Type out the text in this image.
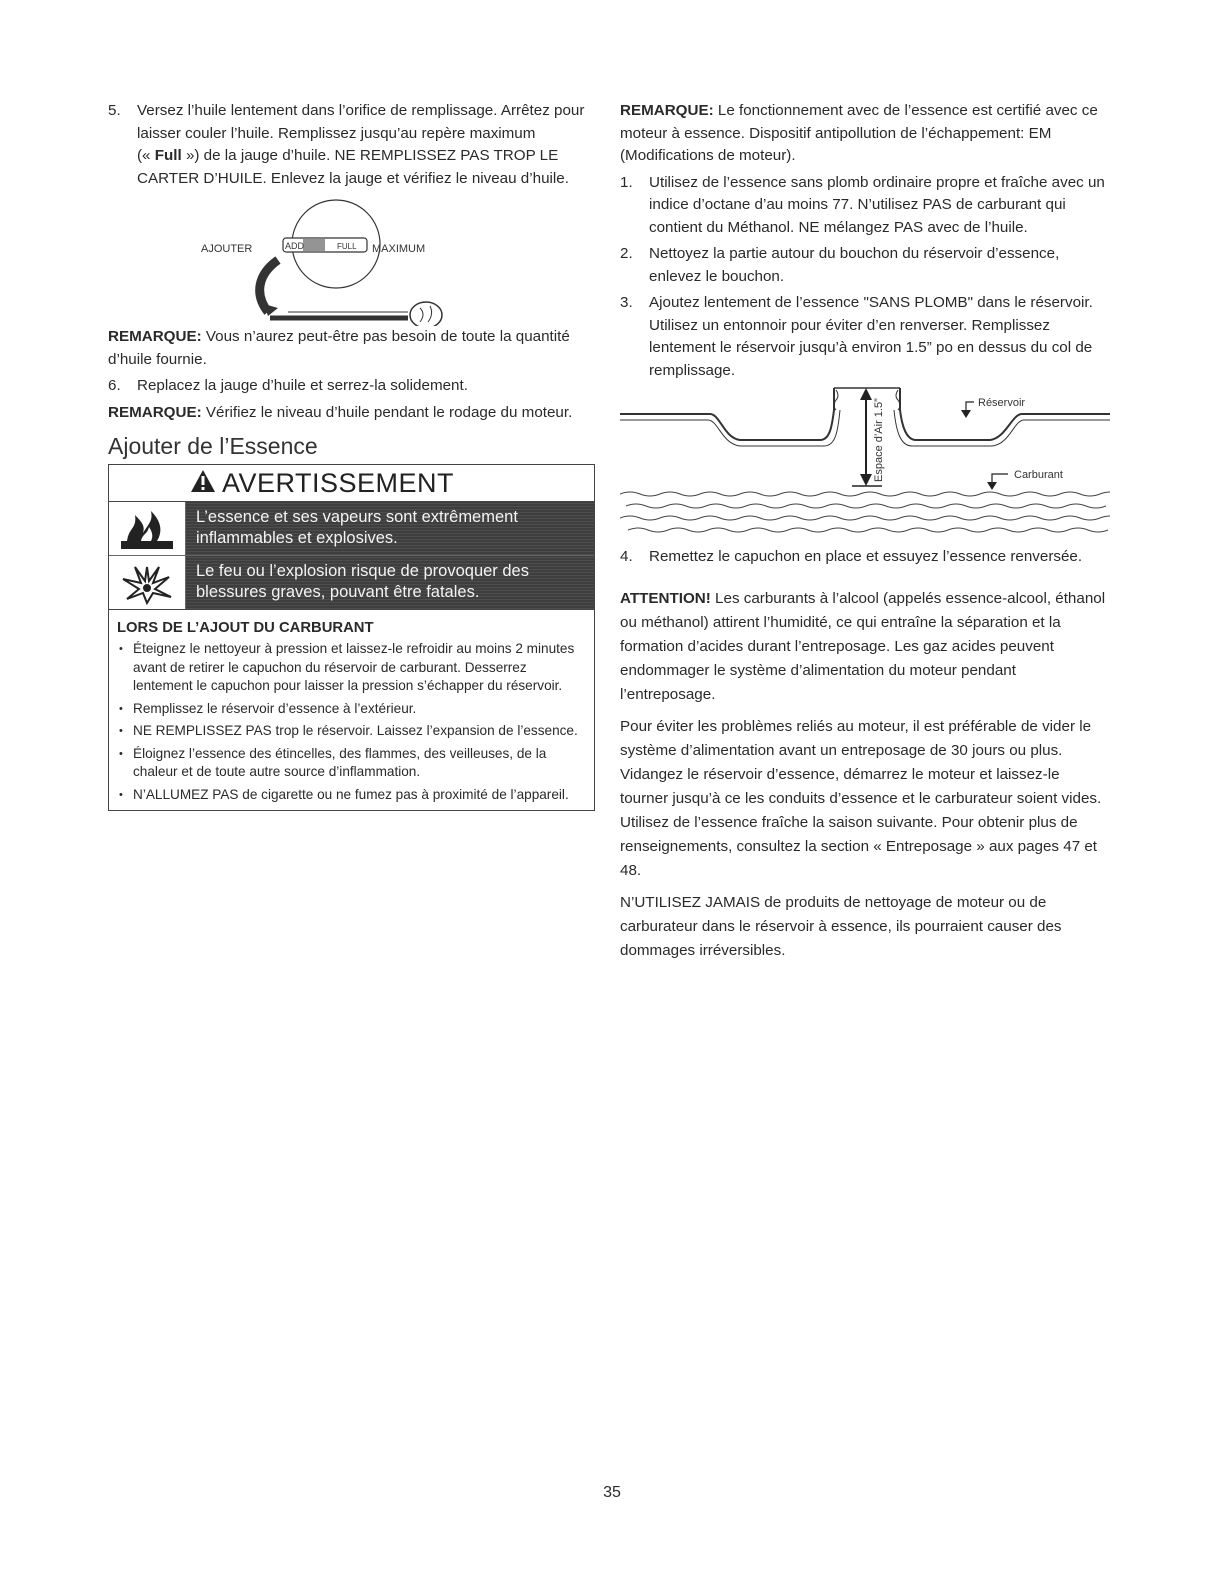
5.	Versez l’huile lentement dans l’orifice de remplissage. Arrêtez pour laisser couler l’huile. Remplissez jusqu’au repère maximum (« Full ») de la jauge d’huile. NE REMPLISSEZ PAS TROP LE CARTER D’HUILE. Enlevez la jauge et vérifiez le niveau d’huile.
ADD	FULL
AJOUTER	MAXIMUM

REMARQUE: Vous n’aurez peut-être pas besoin de toute la quantité d’huile fournie.

6.	Replacez la jauge d’huile et serrez-la solidement.

REMARQUE: Vérifiez le niveau d’huile pendant le rodage du moteur.

Ajouter de l’Essence
AVERTISSEMENT
L’essence et ses vapeurs sont extrêmement inflammables et explosives.
Le feu ou l’explosion risque de provoquer des blessures graves, pouvant être fatales.
LORS DE L’AJOUT DU CARBURANT
• Éteignez le nettoyeur à pression et laissez-le refroidir au moins 2 minutes avant de retirer le capuchon du réservoir de carburant. Desserrez lentement le capuchon pour laisser la pression s’échapper du réservoir.
• Remplissez le réservoir d’essence à l’extérieur.
• NE REMPLISSEZ PAS trop le réservoir. Laissez l’expansion de l’essence.
• Éloignez l’essence des étincelles, des flammes, des veilleuses, de la chaleur et de toute autre source d’inflammation.
• N’ALLUMEZ PAS de cigarette ou ne fumez pas à proximité de l’appareil.

REMARQUE: Le fonctionnement avec de l’essence est certifié avec ce moteur à essence. Dispositif antipollution de l’échappement: EM (Modifications de moteur).

1.	Utilisez de l’essence sans plomb ordinaire propre et fraîche avec un indice d’octane d’au moins 77. N’utilisez PAS de carburant qui contient du Méthanol. NE mélangez PAS avec de l’huile.
2.	Nettoyez la partie autour du bouchon du réservoir d’essence, enlevez le bouchon.
3.	Ajoutez lentement de l’essence "SANS PLOMB" dans le réservoir. Utilisez un entonnoir pour éviter d’en renverser. Remplissez lentement le réservoir jusqu’à environ 1.5” po en dessus du col de remplissage.
Espace d’Air 1.5”	Réservoir
Carburant
4.	Remettez le capuchon en place et essuyez l’essence renversée.

ATTENTION! Les carburants à l’alcool (appelés essence-alcool, éthanol ou méthanol) attirent l’humidité, ce qui entraîne la séparation et la formation d’acides durant l’entreposage. Les gaz acides peuvent endommager le système d’alimentation du moteur pendant l’entreposage.

Pour éviter les problèmes reliés au moteur, il est préférable de vider le système d’alimentation avant un entreposage de 30 jours ou plus. Vidangez le réservoir d’essence, démarrez le moteur et laissez-le tourner jusqu’à ce les conduits d’essence et le carburateur soient vides. Utilisez de l’essence fraîche la saison suivante. Pour obtenir plus de renseignements, consultez la section « Entreposage » aux pages 47 et 48.

N’UTILISEZ JAMAIS de produits de nettoyage de moteur ou de carburateur dans le réservoir à essence, ils pourraient causer des dommages irréversibles.

35
